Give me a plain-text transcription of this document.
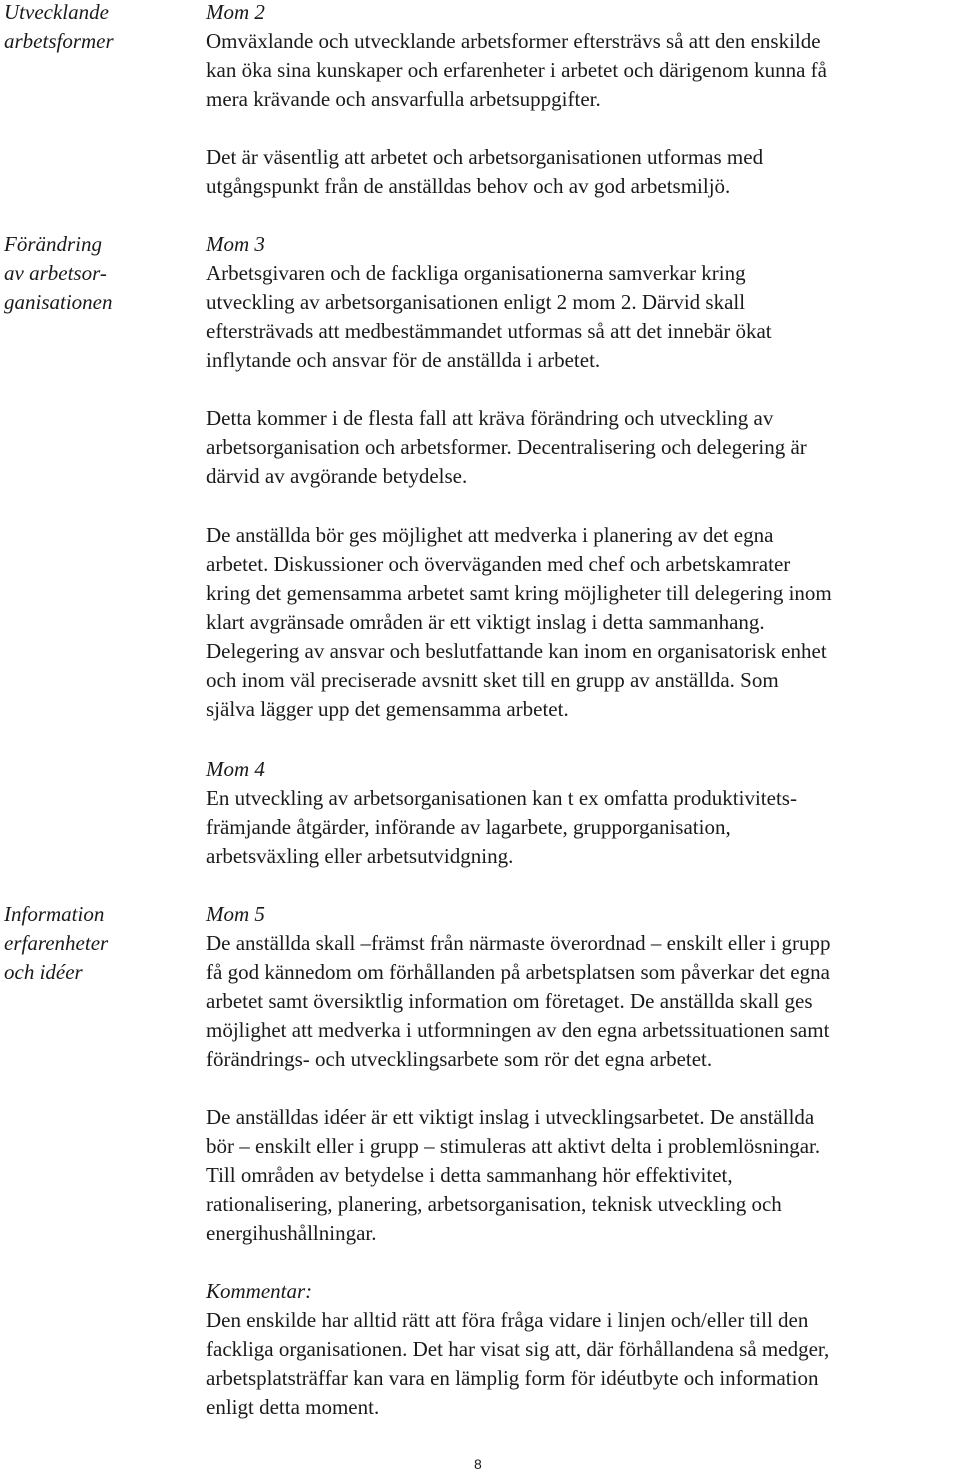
Utvecklande
arbetsformer
Förändring
av arbetsor-
ganisationen
Information
erfarenheter
och idéer
Mom 2
Omväxlande och utvecklande arbetsformer eftersträvs så att den enskilde
kan öka sina kunskaper och erfarenheter i arbetet och därigenom kunna få
mera krävande och ansvarfulla arbetsuppgifter.
Det är väsentlig att arbetet och arbetsorganisationen utformas med
utgångspunkt från de anställdas behov och av god arbetsmiljö.
Mom 3
Arbetsgivaren och de fackliga organisationerna samverkar kring
utveckling av arbetsorganisationen enligt 2 mom 2. Därvid skall
eftersträvads att medbestämmandet utformas så att det innebär ökat
inflytande och ansvar för de anställda i arbetet.
Detta kommer i de flesta fall att kräva förändring och utveckling av
arbetsorganisation och arbetsformer. Decentralisering och delegering är
därvid av avgörande betydelse.
De anställda bör ges möjlighet att medverka i planering av det egna
arbetet. Diskussioner och överväganden med chef och arbetskamrater
kring det gemensamma arbetet samt kring möjligheter till delegering inom
klart avgränsade områden är ett viktigt inslag i detta sammanhang.
Delegering av ansvar och beslutfattande kan inom en organisatorisk enhet
och inom väl preciserade avsnitt sket till en grupp av anställda. Som
själva lägger upp det gemensamma arbetet.
Mom 4
En utveckling av arbetsorganisationen kan t ex omfatta produktivitets-
främjande åtgärder, införande av lagarbete, grupporganisation,
arbetsväxling eller arbetsutvidgning.
Mom 5
De anställda skall –främst från närmaste överordnad – enskilt eller i grupp
få god kännedom om förhållanden på arbetsplatsen som påverkar det egna
arbetet samt översiktlig information om företaget. De anställda skall ges
möjlighet att medverka i utformningen av den egna arbetssituationen samt
förändrings- och utvecklingsarbete som rör det egna arbetet.
De anställdas idéer är ett viktigt inslag i utvecklingsarbetet. De anställda
bör – enskilt eller i grupp – stimuleras att aktivt delta i problemlösningar.
Till områden av betydelse i detta sammanhang hör effektivitet,
rationalisering, planering, arbetsorganisation, teknisk utveckling och
energihushållningar.
Kommentar:
Den enskilde har alltid rätt att föra fråga vidare i linjen och/eller till den
fackliga organisationen. Det har visat sig att, där förhållandena så medger,
arbetsplatsträffar kan vara en lämplig form för idéutbyte och information
enligt detta moment.
8
